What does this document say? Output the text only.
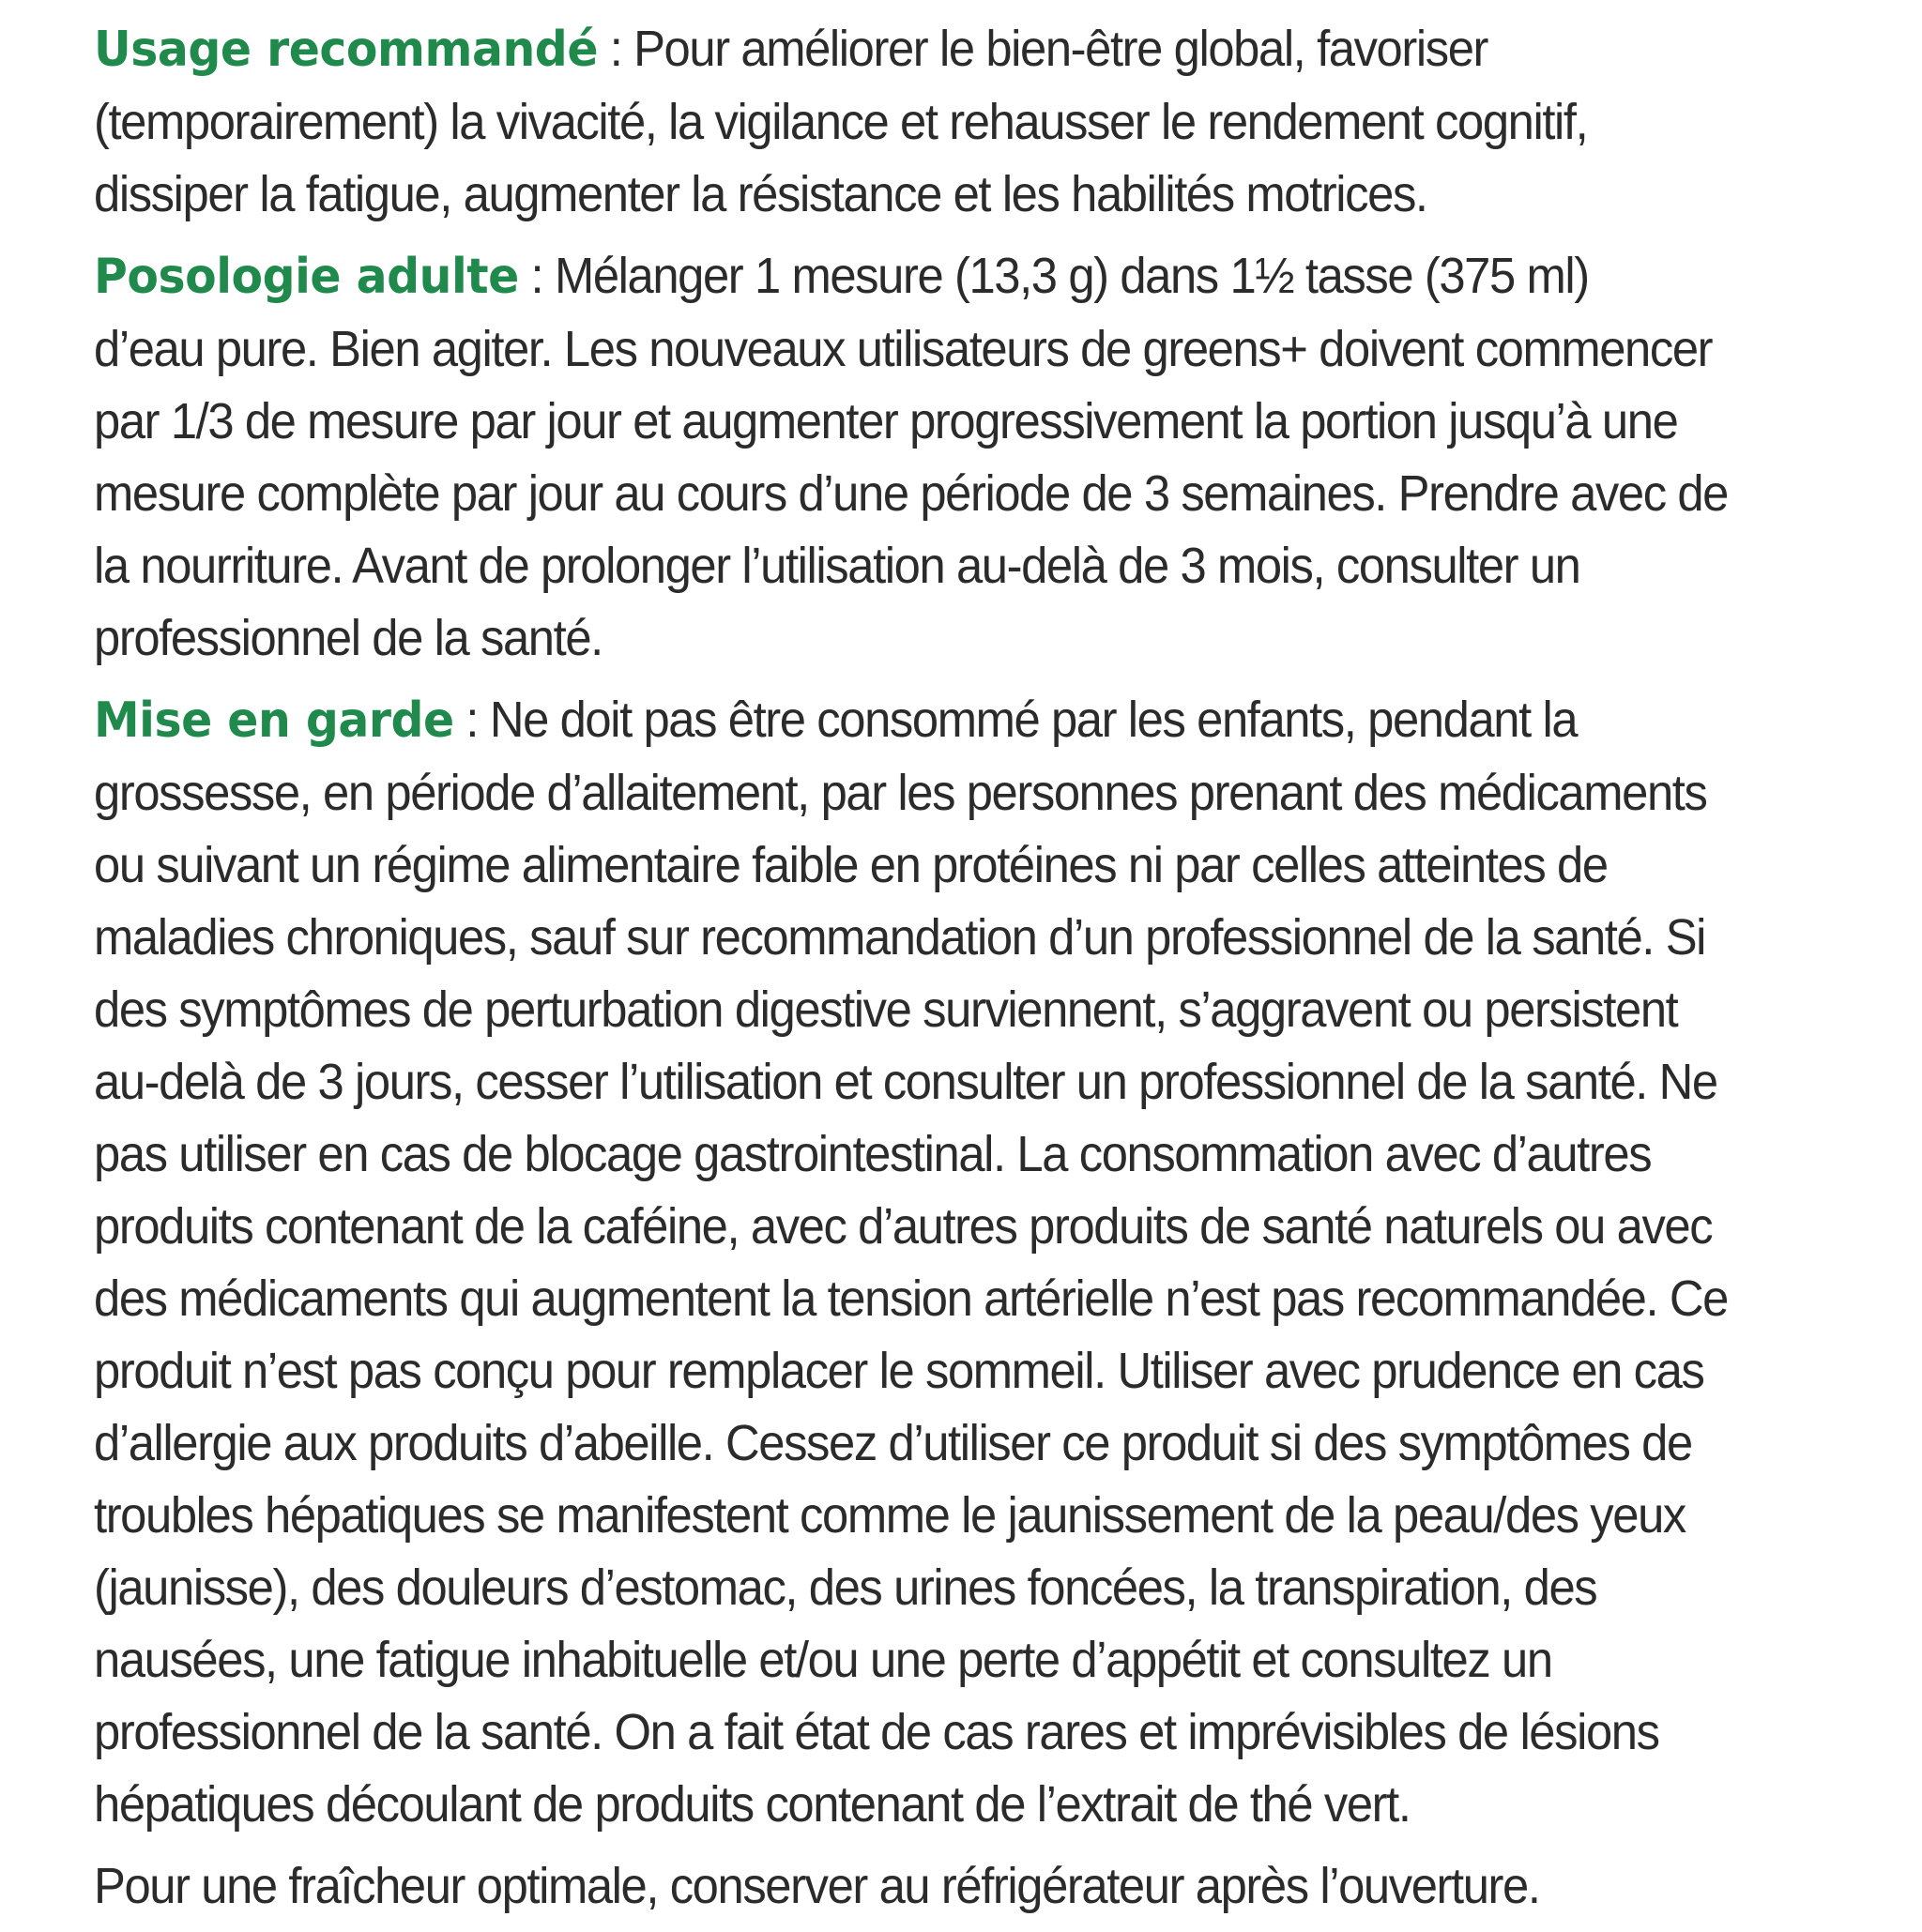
Usage recommandé : Pour améliorer le bien-être global, favoriser
(temporairement) la vivacité, la vigilance et rehausser le rendement cognitif,
dissiper la fatigue, augmenter la résistance et les habilités motrices.

Posologie adulte : Mélanger 1 mesure (13,3 g) dans 1½ tasse (375 ml)
d’eau pure. Bien agiter. Les nouveaux utilisateurs de greens+ doivent commencer
par 1/3 de mesure par jour et augmenter progressivement la portion jusqu’à une
mesure complète par jour au cours d’une période de 3 semaines. Prendre avec de
la nourriture. Avant de prolonger l’utilisation au-delà de 3 mois, consulter un
professionnel de la santé.

Mise en garde : Ne doit pas être consommé par les enfants, pendant la
grossesse, en période d’allaitement, par les personnes prenant des médicaments
ou suivant un régime alimentaire faible en protéines ni par celles atteintes de
maladies chroniques, sauf sur recommandation d’un professionnel de la santé. Si
des symptômes de perturbation digestive surviennent, s’aggravent ou persistent
au-delà de 3 jours, cesser l’utilisation et consulter un professionnel de la santé. Ne
pas utiliser en cas de blocage gastrointestinal. La consommation avec d’autres
produits contenant de la caféine, avec d’autres produits de santé naturels ou avec
des médicaments qui augmentent la tension artérielle n’est pas recommandée. Ce
produit n’est pas conçu pour remplacer le sommeil. Utiliser avec prudence en cas
d’allergie aux produits d’abeille. Cessez d’utiliser ce produit si des symptômes de
troubles hépatiques se manifestent comme le jaunissement de la peau/des yeux
(jaunisse), des douleurs d’estomac, des urines foncées, la transpiration, des
nausées, une fatigue inhabituelle et/ou une perte d’appétit et consultez un
professionnel de la santé. On a fait état de cas rares et imprévisibles de lésions
hépatiques découlant de produits contenant de l’extrait de thé vert.

Pour une fraîcheur optimale, conserver au réfrigérateur après l’ouverture.
